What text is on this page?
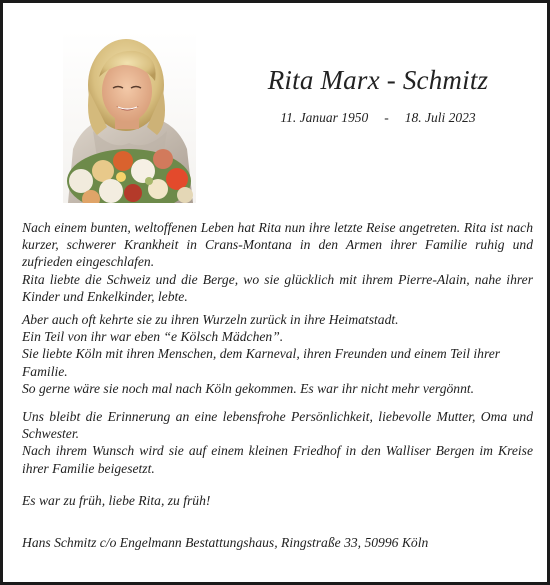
Rita Marx - Schmitz
11. Januar 1950 - 18. Juli 2023

Nach einem bunten, weltoffenen Leben hat Rita nun ihre letzte Reise angetreten. Rita ist nach kurzer, schwerer Krankheit in Crans-Montana in den Armen ihrer Familie ruhig und zufrieden eingeschlafen.

Rita liebte die Schweiz und die Berge, wo sie glücklich mit ihrem Pierre-Alain, nahe ihrer Kinder und Enkelkinder, lebte.

Aber auch oft kehrte sie zu ihren Wurzeln zurück in ihre Heimatstadt.

Ein Teil von ihr war eben “e Kölsch Mädchen”.

Sie liebte Köln mit ihren Menschen, dem Karneval, ihren Freunden und einem Teil ihrer Familie.

So gerne wäre sie noch mal nach Köln gekommen. Es war ihr nicht mehr vergönnt.

Uns bleibt die Erinnerung an eine lebensfrohe Persönlichkeit, liebevolle Mutter, Oma und Schwester.

Nach ihrem Wunsch wird sie auf einem kleinen Friedhof in den Walliser Bergen im Kreise ihrer Familie beigesetzt.

Es war zu früh, liebe Rita, zu früh!
Hans Schmitz c/o Engelmann Bestattungshaus, Ringstraße 33, 50996 Köln
